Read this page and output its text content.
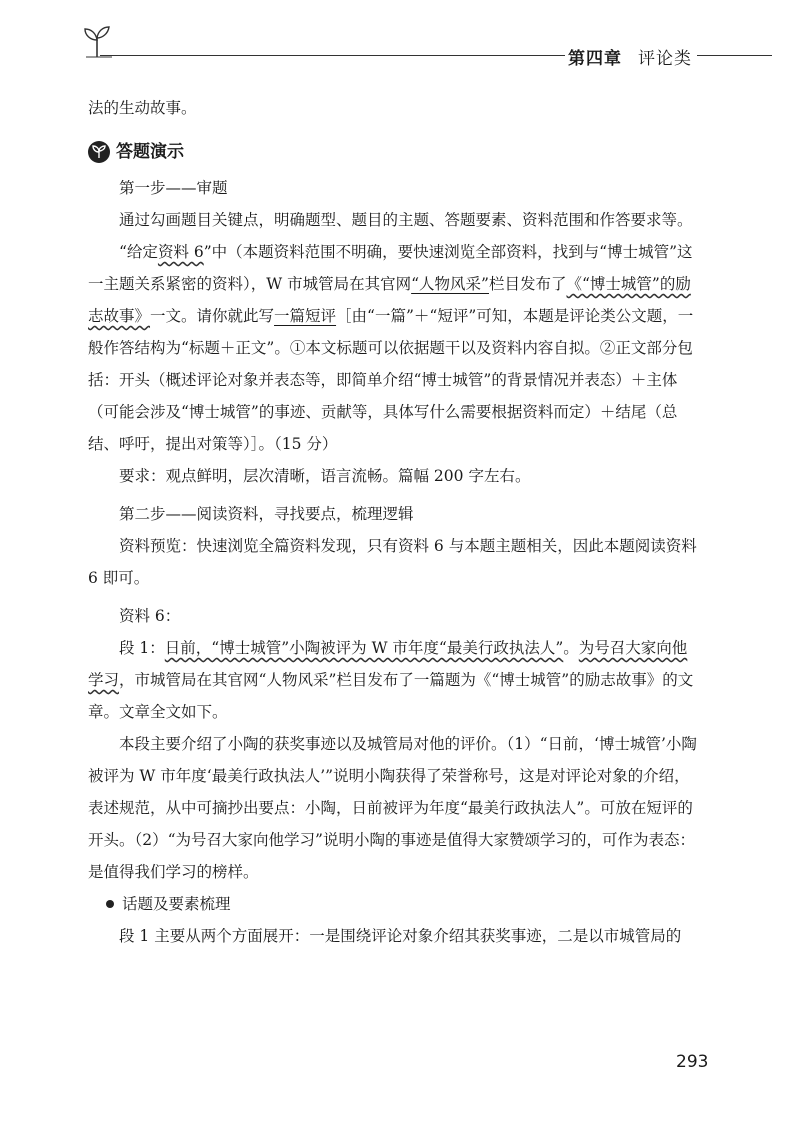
第四章 评论类

法的生动故事。

答题演示

第一步——审题

通过勾画题目关键点，明确题型、题目的主题、答题要素、资料范围和作答要求等。

“给定资料 6”中（本题资料范围不明确，要快速浏览全部资料，找到与“博士城管”这一主题关系紧密的资料），W 市城管局在其官网“人物风采”栏目发布了《“博士城管”的励志故事》一文。请你就此写一篇短评［由“一篇”＋“短评”可知，本题是评论类公文题，一般作答结构为“标题＋正文”。①本文标题可以依据题干以及资料内容自拟。②正文部分包括：开头（概述评论对象并表态等，即简单介绍“博士城管”的背景情况并表态）＋主体（可能会涉及“博士城管”的事迹、贡献等，具体写什么需要根据资料而定）＋结尾（总结、呼吁，提出对策等）］。（15 分）

要求：观点鲜明，层次清晰，语言流畅。篇幅 200 字左右。

第二步——阅读资料，寻找要点，梳理逻辑

资料预览：快速浏览全篇资料发现，只有资料 6 与本题主题相关，因此本题阅读资料 6 即可。

资料 6：

段 1：日前，“博士城管”小陶被评为 W 市年度“最美行政执法人”。为号召大家向他学习，市城管局在其官网“人物风采”栏目发布了一篇题为《“博士城管”的励志故事》的文章。文章全文如下。

本段主要介绍了小陶的获奖事迹以及城管局对他的评价。（1）“日前，‘博士城管’小陶被评为 W 市年度‘最美行政执法人’”说明小陶获得了荣誉称号，这是对评论对象的介绍，表述规范，从中可摘抄出要点：小陶，日前被评为年度“最美行政执法人”。可放在短评的开头。（2）“为号召大家向他学习”说明小陶的事迹是值得大家赞颂学习的，可作为表态：是值得我们学习的榜样。

话题及要素梳理

段 1 主要从两个方面展开：一是围绕评论对象介绍其获奖事迹，二是以市城管局的

293
